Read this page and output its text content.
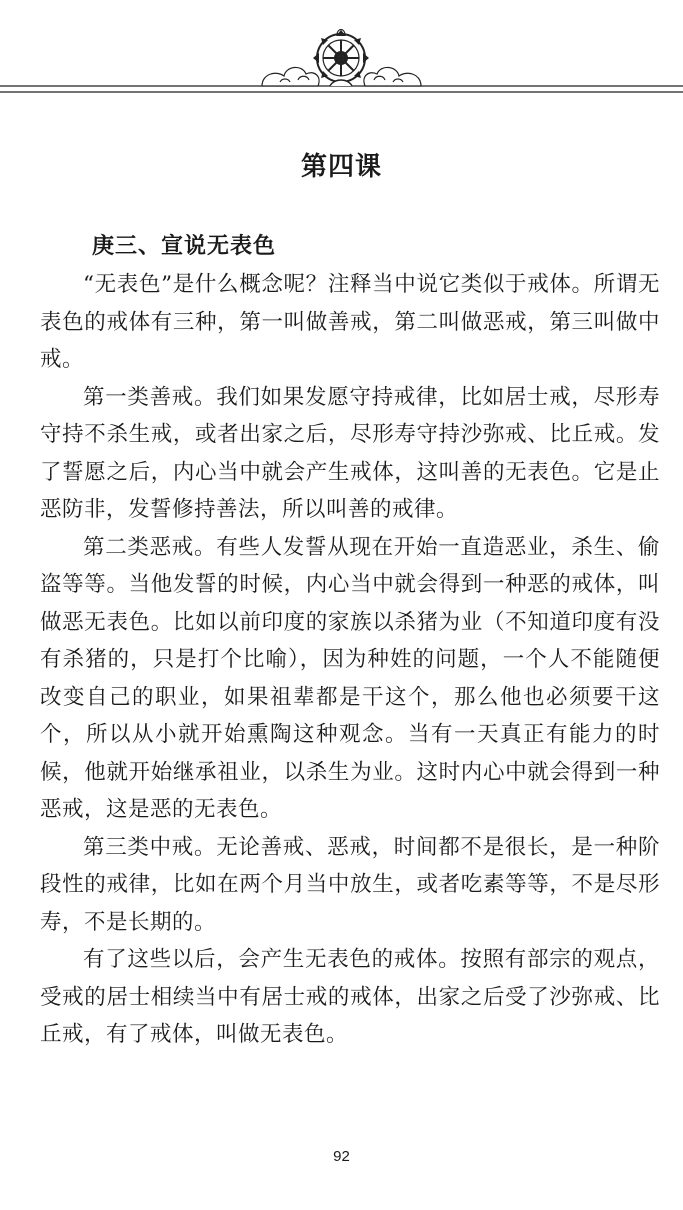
第四课
庚三、宣说无表色

“无表色”是什么概念呢？注释当中说它类似于戒体。所谓无表色的戒体有三种，第一叫做善戒，第二叫做恶戒，第三叫做中戒。

第一类善戒。我们如果发愿守持戒律，比如居士戒，尽形寿守持不杀生戒，或者出家之后，尽形寿守持沙弥戒、比丘戒。发了誓愿之后，内心当中就会产生戒体，这叫善的无表色。它是止恶防非，发誓修持善法，所以叫善的戒律。

第二类恶戒。有些人发誓从现在开始一直造恶业，杀生、偷盗等等。当他发誓的时候，内心当中就会得到一种恶的戒体，叫做恶无表色。比如以前印度的家族以杀猪为业（不知道印度有没有杀猪的，只是打个比喻），因为种姓的问题，一个人不能随便改变自己的职业，如果祖辈都是干这个，那么他也必须要干这个，所以从小就开始熏陶这种观念。当有一天真正有能力的时候，他就开始继承祖业，以杀生为业。这时内心中就会得到一种恶戒，这是恶的无表色。

第三类中戒。无论善戒、恶戒，时间都不是很长，是一种阶段性的戒律，比如在两个月当中放生，或者吃素等等，不是尽形寿，不是长期的。

有了这些以后，会产生无表色的戒体。按照有部宗的观点，受戒的居士相续当中有居士戒的戒体，出家之后受了沙弥戒、比丘戒，有了戒体，叫做无表色。

92
